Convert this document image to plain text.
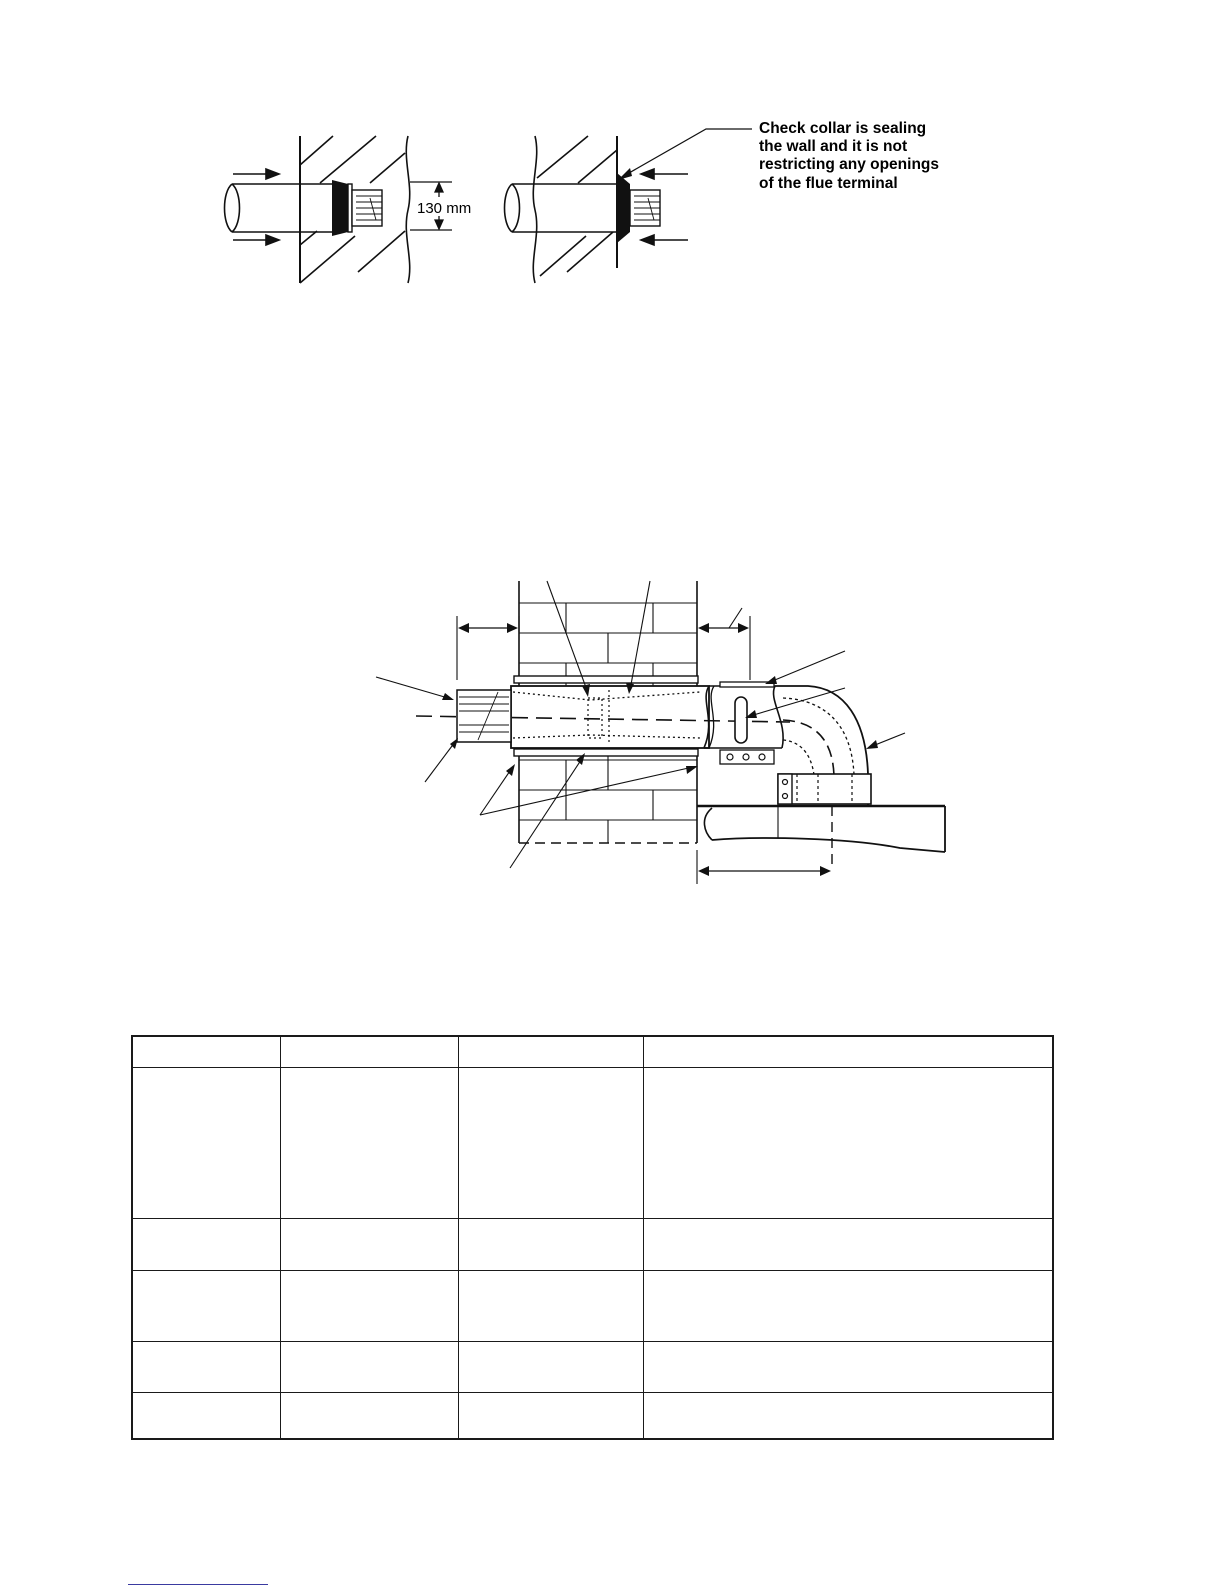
130 mm
Check collar is sealing
the wall and it is not
restricting any openings
of the flue terminal
